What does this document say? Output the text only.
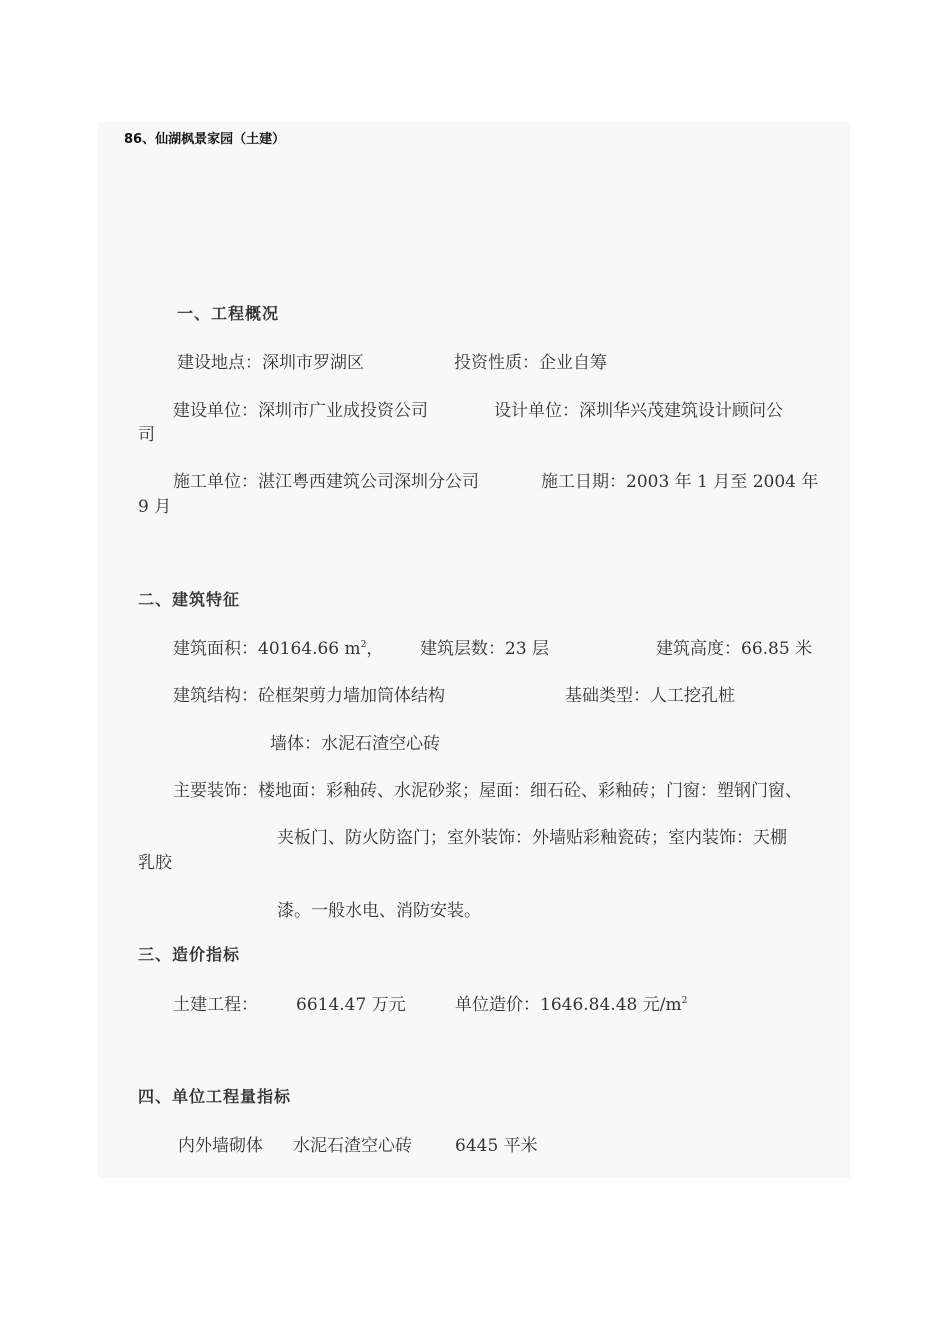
86、仙湖枫景家园（土建）
一、工程概况
建设地点：深圳市罗湖区	投资性质：企业自筹
建设单位：深圳市广业成投资公司	设计单位：深圳华兴茂建筑设计顾问公
司
施工单位：湛江粤西建筑公司深圳分公司	施工日期：2003 年 1 月至 2004 年
9 月
二、建筑特征
建筑面积：40164.66 $m^2$， 建筑层数：23 层	建筑高度：66.85 米
建筑结构：砼框架剪力墙加筒体结构	基础类型：人工挖孔桩
墙体：水泥石渣空心砖
主要装饰：楼地面：彩釉砖、水泥砂浆；屋面：细石砼、彩釉砖；门窗：塑钢门窗、
夹板门、防火防盗门；室外装饰：外墙贴彩釉瓷砖；室内装饰：天棚
乳胶
漆。一般水电、消防安装。
三、造价指标
土建工程： 6614.47 万元	单位造价：1646.84.48 元$/m^2$
四、单位工程量指标
内外墙砌体 水泥石渣空心砖	6445 平米
